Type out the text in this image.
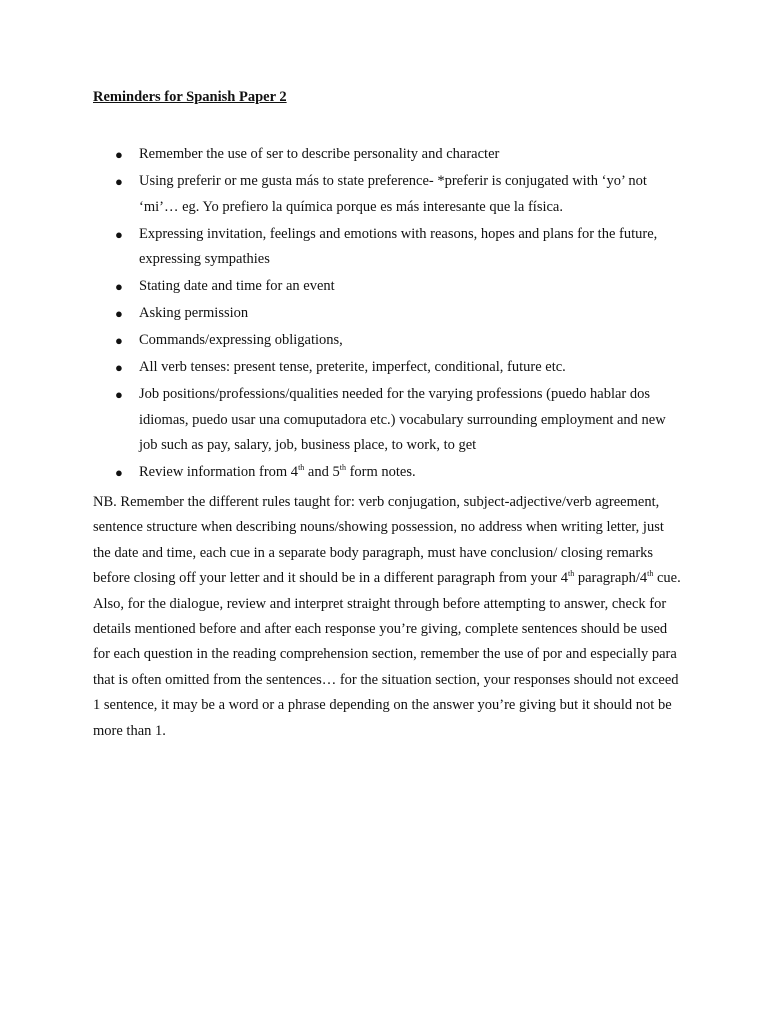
Reminders for Spanish Paper 2
● Remember the use of ser to describe personality and character
● Using preferir or me gusta más to state preference- *preferir is conjugated with ‘yo’ not ‘mi’… eg. Yo prefiero la química porque es más interesante que la física.
● Expressing invitation, feelings and emotions with reasons, hopes and plans for the future, expressing sympathies
● Stating date and time for an event
● Asking permission
● Commands/expressing obligations,
● All verb tenses: present tense, preterite, imperfect, conditional, future etc.
● Job positions/professions/qualities needed for the varying professions (puedo hablar dos idiomas, puedo usar una comuputadora etc.) vocabulary surrounding employment and new job such as pay, salary, job, business place, to work, to get
● Review information from 4th and 5th form notes.

NB. Remember the different rules taught for: verb conjugation, subject-adjective/verb agreement, sentence structure when describing nouns/showing possession, no address when writing letter, just the date and time, each cue in a separate body paragraph, must have conclusion/ closing remarks before closing off your letter and it should be in a different paragraph from your 4th paragraph/4th cue. Also, for the dialogue, review and interpret straight through before attempting to answer, check for details mentioned before and after each response you’re giving, complete sentences should be used for each question in the reading comprehension section, remember the use of por and especially para that is often omitted from the sentences… for the situation section, your responses should not exceed 1 sentence, it may be a word or a phrase depending on the answer you’re giving but it should not be more than 1.
